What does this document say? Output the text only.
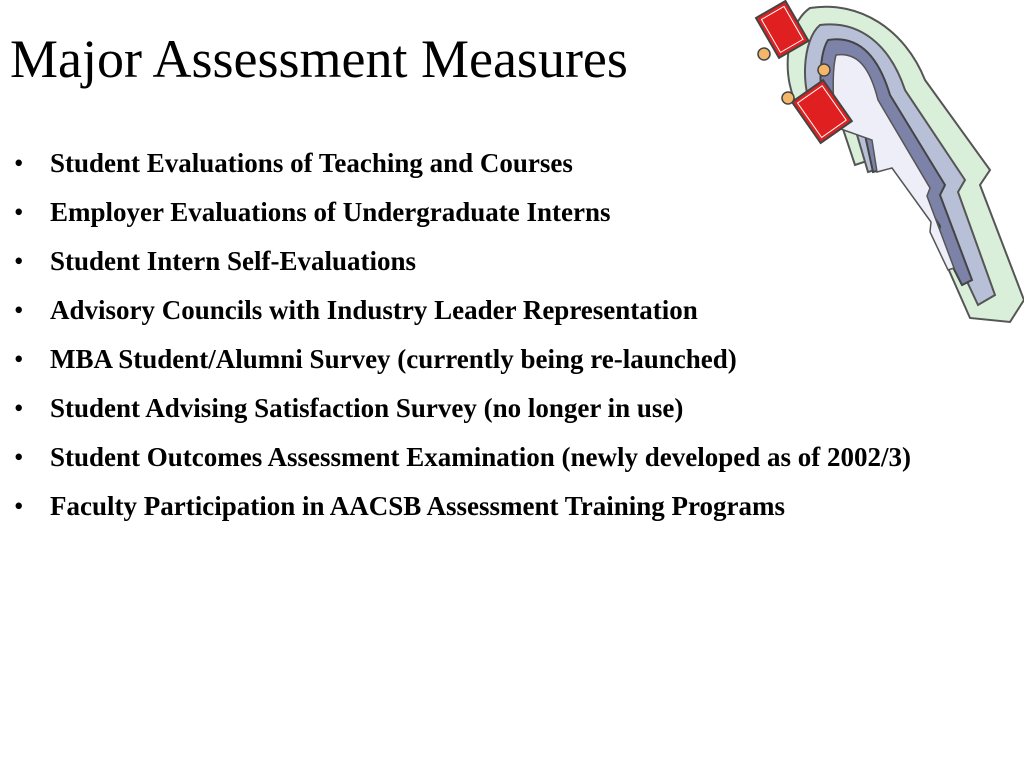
Major Assessment Measures
• Student Evaluations of Teaching and Courses
• Employer Evaluations of Undergraduate Interns
• Student Intern Self-Evaluations
• Advisory Councils with Industry Leader Representation
• MBA Student/Alumni Survey (currently being re-launched)
• Student Advising Satisfaction Survey (no longer in use)
• Student Outcomes Assessment Examination (newly developed as of 2002/3)
• Faculty Participation in AACSB Assessment Training Programs
